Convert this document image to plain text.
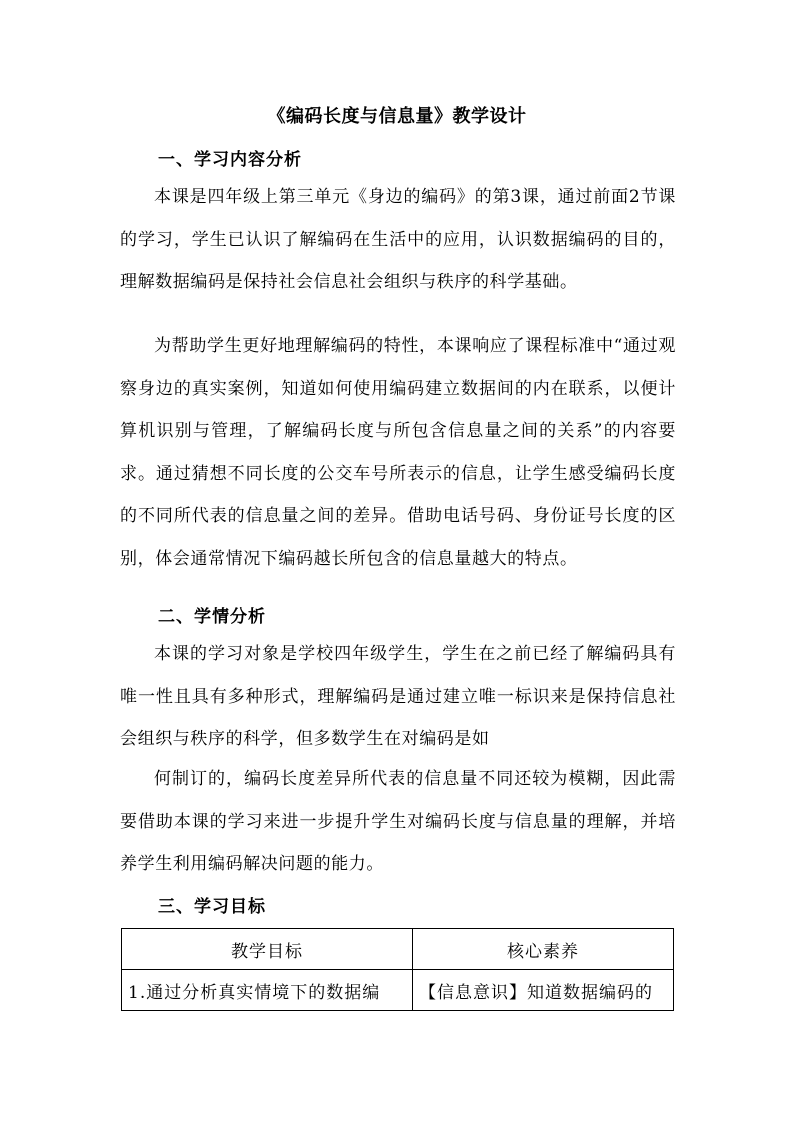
《编码长度与信息量》教学设计
一、学习内容分析

本课是四年级上第三单元《身边的编码》的第3课，通过前面2节课的学习，学生已认识了解编码在生活中的应用，认识数据编码的目的，理解数据编码是保持社会信息社会组织与秩序的科学基础。

为帮助学生更好地理解编码的特性，本课响应了课程标准中“通过观察身边的真实案例，知道如何使用编码建立数据间的内在联系，以便计算机识别与管理，了解编码长度与所包含信息量之间的关系”的内容要求。通过猜想不同长度的公交车号所表示的信息，让学生感受编码长度的不同所代表的信息量之间的差异。借助电话号码、身份证号长度的区别，体会通常情况下编码越长所包含的信息量越大的特点。

二、学情分析

本课的学习对象是学校四年级学生，学生在之前已经了解编码具有唯一性且具有多种形式，理解编码是通过建立唯一标识来是保持信息社会组织与秩序的科学，但多数学生在对编码是如

何制订的，编码长度差异所代表的信息量不同还较为模糊，因此需要借助本课的学习来进一步提升学生对编码长度与信息量的理解，并培养学生利用编码解决问题的能力。

三、学习目标
教学目标	核心素养
1.通过分析真实情境下的数据编	【信息意识】知道数据编码的
